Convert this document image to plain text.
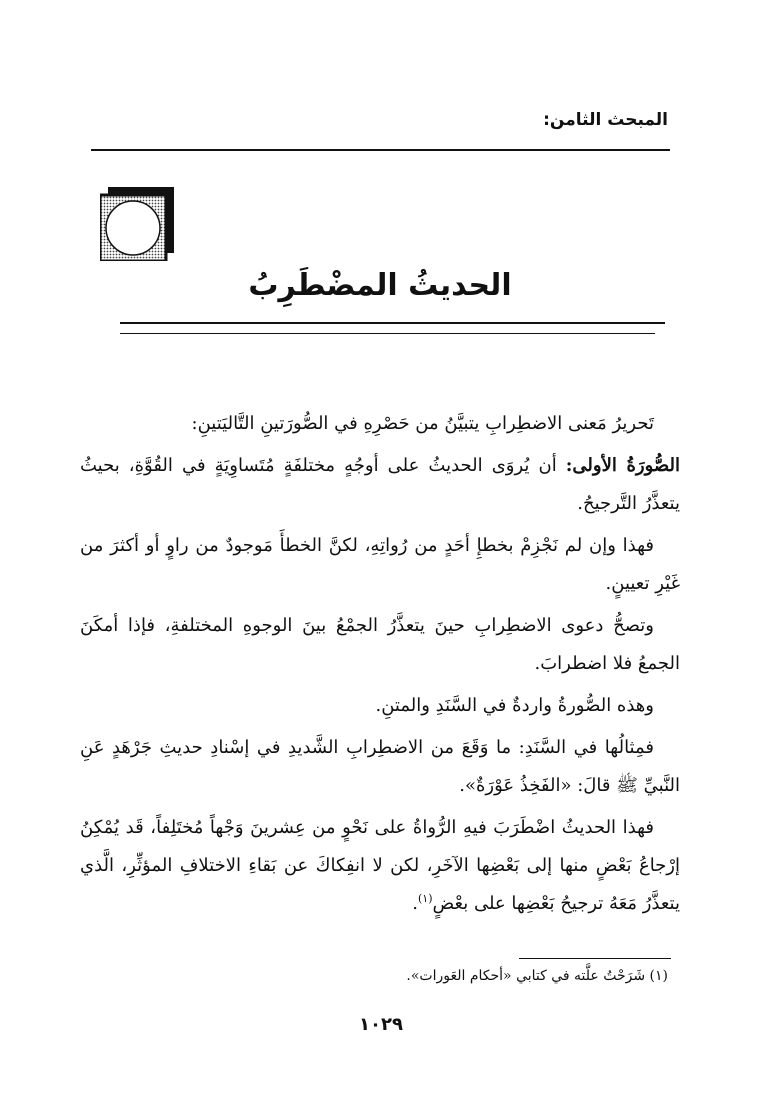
المبحث الثامن:
الحديثُ المضْطَرِبُ

تَحريرُ مَعنى الاضطِرابِ يتبيَّنُ من حَصْرِهِ في الصُّورَتينِ التَّاليَتينِ:

الصُّورَةُ الأولى: أن يُروَى الحديثُ على أوجُهٍ مختلفَةٍ مُتَساوِيَةٍ في القُوَّةِ، بحيثُ يتعذَّرُ التَّرجيحُ.

فهذا وإن لم نَجْزِمْ بخطإِ أحَدٍ من رُواتِهِ، لكنَّ الخطأَ مَوجودٌ من راوٍ أو أكثرَ من غَيْرِ تعيينٍ.

وتصحُّ دعوى الاضطِرابِ حينَ يتعذَّرُ الجمْعُ بينَ الوجوهِ المختلفةِ، فإذا أمكَنَ الجمعُ فلا اضطرابَ.

وهذه الصُّورةُ واردةٌ في السَّنَدِ والمتنِ.

فمِثالُها في السَّنَدِ: ما وَقَعَ من الاضطِرابِ الشَّديدِ في إسْنادِ حديثِ جَرْهَدٍ عَنِ النَّبيِّ ﷺ قالَ: «الفَخِذُ عَوْرَةٌ».

فهذا الحديثُ اضْطَرَبَ فيهِ الرُّواةُ على نَحْوٍ من عِشرينَ وَجْهاً مُختَلِفاً، قَد يُمْكِنُ إرْجاعُ بَعْضٍ منها إلى بَعْضِها الآخَرِ، لكن لا انفِكاكَ عن بَقاءِ الاختلافِ المؤثِّرِ، الَّذي يتعذَّرُ مَعَهُ ترجيحُ بَعْضِها على بعْضٍ$^{(١)}$.

(١) شَرَحْتُ علَّته في كتابي «أحكام العَورات».
١٠٢٩
